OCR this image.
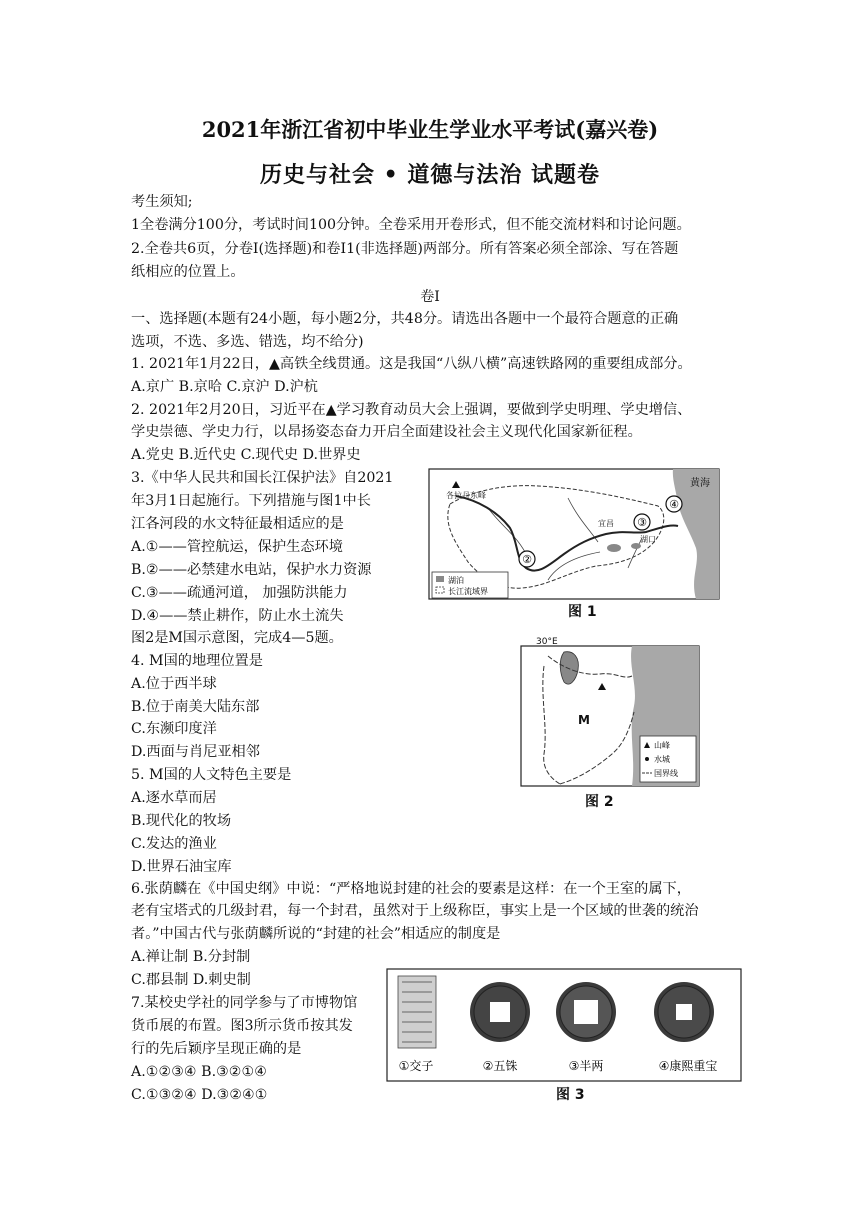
2021年浙江省初中毕业生学业水平考试(嘉兴卷)
历史与社会 • 道德与法治 试题卷
考生须知;
1全卷满分100分，考试时间100分钟。全卷采用开卷形式，但不能交流材料和讨论问题。
2.全卷共6页，分卷I(选择题)和卷I1(非选择题)两部分。所有答案必须全部涂、写在答题
纸相应的位置上。
卷Ⅰ
一、选择题(本题有24小题，每小题2分，共48分。请选出各题中一个最符合题意的正确
选项，不选、多选、错选，均不给分)
1. 2021年1月22日，▲高铁全线贯通。这是我国“八纵八横”高速铁路网的重要组成部分。
A.京广 B.京哈 C.京沪 D.沪杭
2. 2021年2月20日，习近平在▲学习教育动员大会上强调，要做到学史明理、学史增信、
学史崇德、学史力行，以昂扬姿态奋力开启全面建设社会主义现代化国家新征程。
A.党史 B.近代史 C.现代史 D.世界史
3.《中华人民共和国长江保护法》自2021
年3月1日起施行。下列措施与图1中长
江各河段的水文特征最相适应的是
A.①——管控航运，保护生态环境
B.②——必禁建水电站，保护水力资源
C.③——疏通河道， 加强防洪能力
D.④——禁止耕作，防止水土流失
图2是M国示意图，完成4—5题。
4. M国的地理位置是
A.位于西半球
B.位于南美大陆东部
C.东濒印度洋
D.西面与肖尼亚相邻
5. M国的人文特色主要是
A.逐水草而居
B.现代化的牧场
C.发达的渔业
D.世界石油宝库
6.张荫麟在《中国史纲》中说：“严格地说封建的社会的要素是这样：在一个王室的属下，
老有宝塔式的几级封君，每一个封君，虽然对于上级称臣，事实上是一个区域的世袭的统治
者。”中国古代与张荫麟所说的“封建的社会”相适应的制度是
A.禅让制 B.分封制
C.郡县制 D.刺史制
7.某校史学社的同学参与了市博物馆
货币展的布置。图3所示货币按其发
行的先后颖序呈现正确的是
A.①②③④ B.③②①④
C.①③②④ D.③②④①
各拉丹东峰
宜昌
湖口
黄海
②
③
④
湖泊
长江流域界
图 1
30°E
M
山峰
水城
国界线
图 2
①交子	②五铢	③半两	④康熙重宝
图 3
